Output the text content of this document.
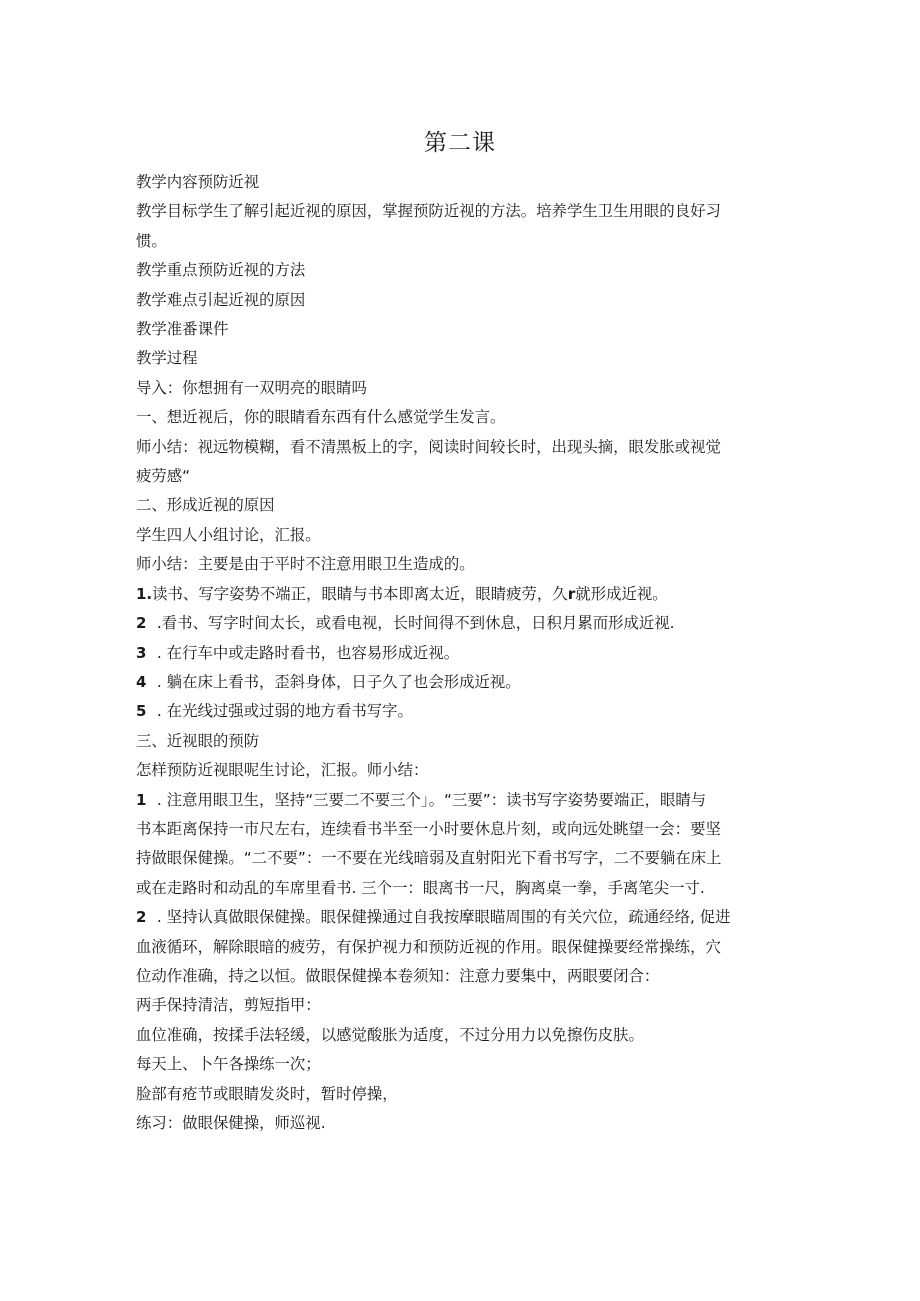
第二课

教学内容预防近视

教学目标学生了解引起近视的原因，掌握预防近视的方法。培养学生卫生用眼的良好习

惯。

教学重点预防近视的方法

教学难点引起近视的原因

教学准番课件

教学过程

导入：你想拥有一双明亮的眼睛吗

一、想近视后，你的眼睛看东西有什么感觉学生发言。

师小结：视远物模糊，看不清黑板上的字，阅读时间较长时，出现头摘，眼发胀或视觉

疲劳感“

二、形成近视的原因

学生四人小组讨论，汇报。

师小结：主要是由于平时不注意用眼卫生造成的。

1.读书、写字姿势不端正，眼睛与书本即离太近，眼睛疲劳，久r就形成近视。

2 .看书、写字时间太长，或看电视，长时间得不到休息，日积月累而形成近视.

3 . 在行车中或走路时看书，也容易形成近视。

4 . 躺在床上看书，歪斜身体，日子久了也会形成近视。

5 . 在光线过强或过弱的地方看书写字。

三、近视眼的预防

怎样预防近视眼呢生讨论，汇报。师小结：

1 . 注意用眼卫生，坚持“三要二不要三个」。“三要”：读书写字姿势要端正，眼睛与

书本距离保持一市尺左右，连续看书半至一小时要休息片刻，或向远处眺望一会：要坚

持做眼保健操。“二不要”：一不要在光线暗弱及直射阳光下看书写字，二不要躺在床上

或在走路时和动乱的车席里看书. 三个一：眼离书一尺，胸离桌一拳，手离笔尖一寸.

2 . 坚持认真做眼保健操。眼保健操通过自我按摩眼瞄周围的有关穴位，疏通经络, 促进

血液循环，解除眼暗的疲劳，有保护视力和预防近视的作用。眼保健操要经常操练，穴

位动作准确，持之以恒。做眼保健操本卷须知：注意力要集中，两眼要闭合：

两手保持清洁，剪短指甲：

血位准确，按揉手法轻缓，以感觉酸胀为适度，不过分用力以免擦伤皮肤。

每天上、卜午各操练一次；

脸部有疮节或眼睛发炎时，暂时停操，

练习：做眼保健操，师巡视.
